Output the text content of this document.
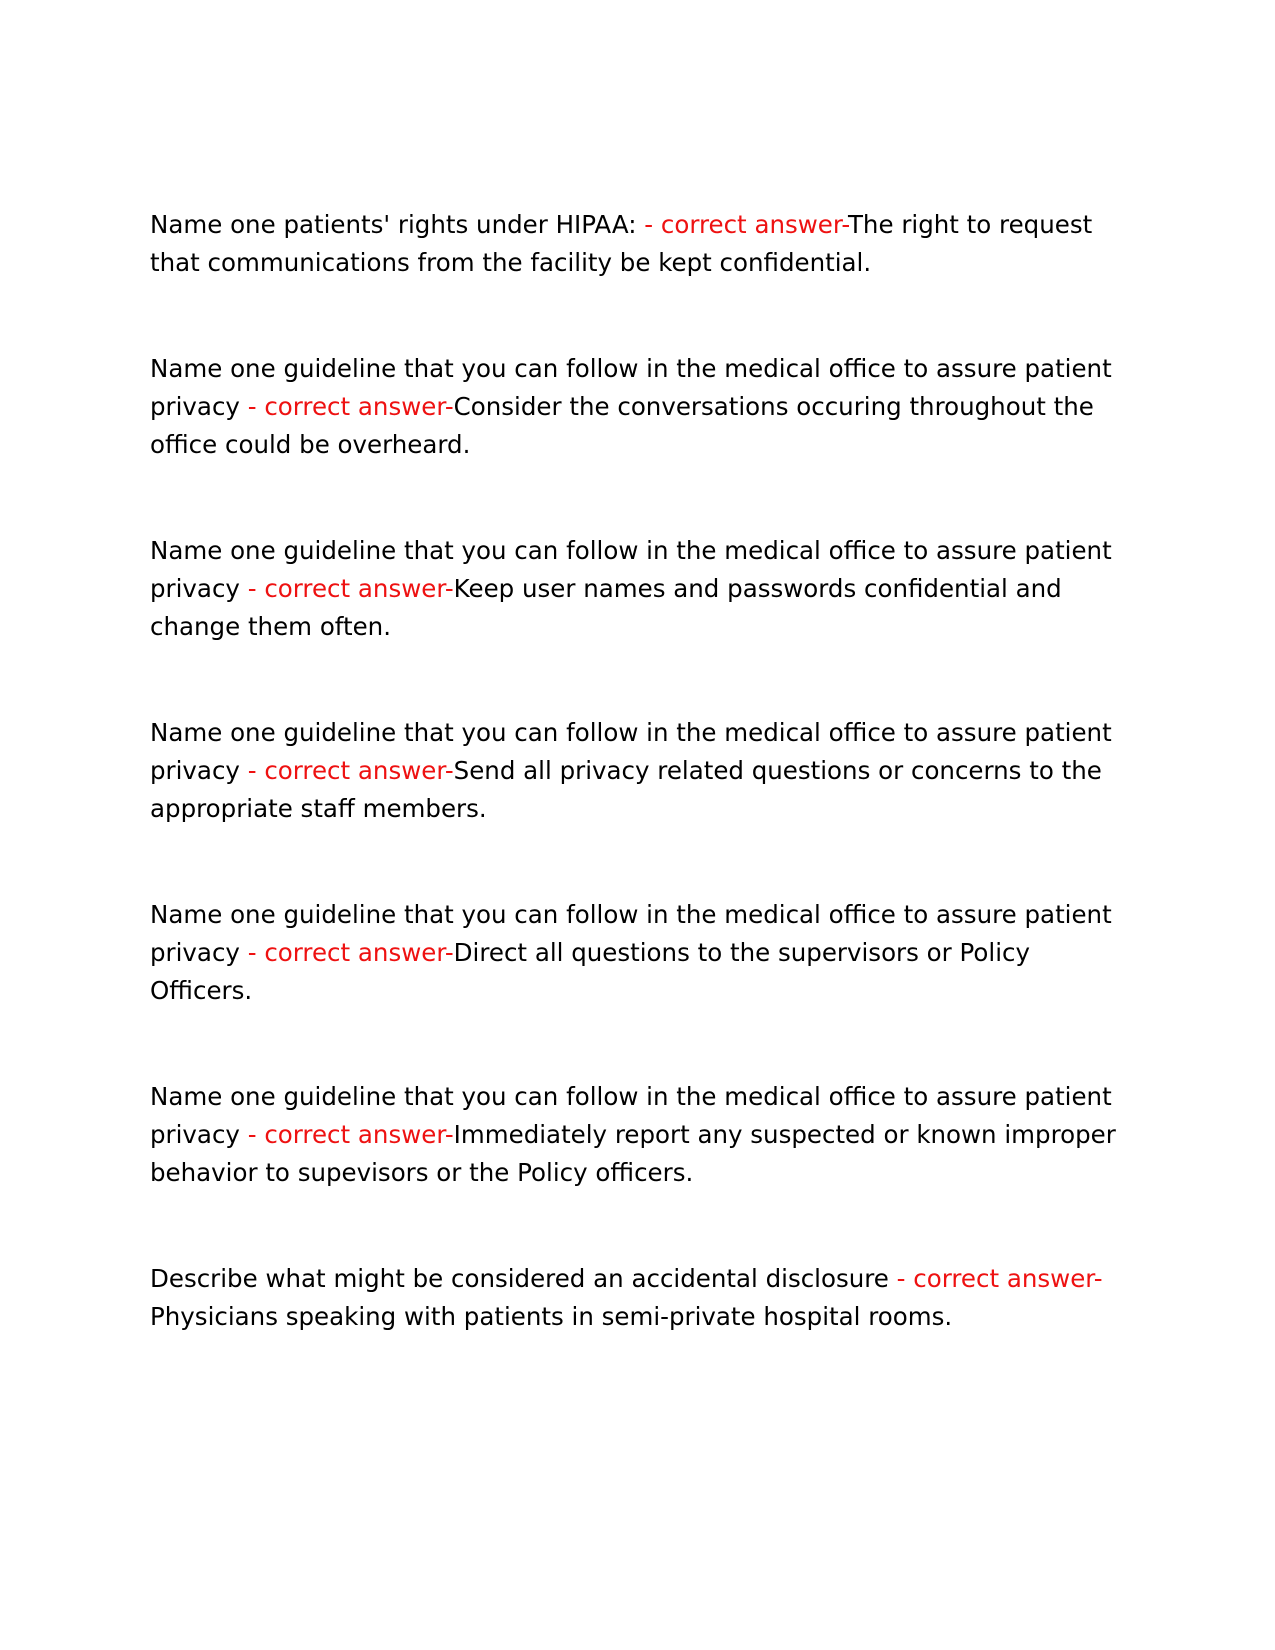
Name one patients' rights under HIPAA: - correct answer-The right to request that communications from the facility be kept confidential.

Name one guideline that you can follow in the medical office to assure patient privacy - correct answer-Consider the conversations occuring throughout the office could be overheard.

Name one guideline that you can follow in the medical office to assure patient privacy - correct answer-Keep user names and passwords confidential and change them often.

Name one guideline that you can follow in the medical office to assure patient privacy - correct answer-Send all privacy related questions or concerns to the appropriate staff members.

Name one guideline that you can follow in the medical office to assure patient privacy - correct answer-Direct all questions to the supervisors or Policy Officers.

Name one guideline that you can follow in the medical office to assure patient privacy - correct answer-Immediately report any suspected or known improper behavior to supevisors or the Policy officers.

Describe what might be considered an accidental disclosure - correct answer-Physicians speaking with patients in semi-private hospital rooms.
